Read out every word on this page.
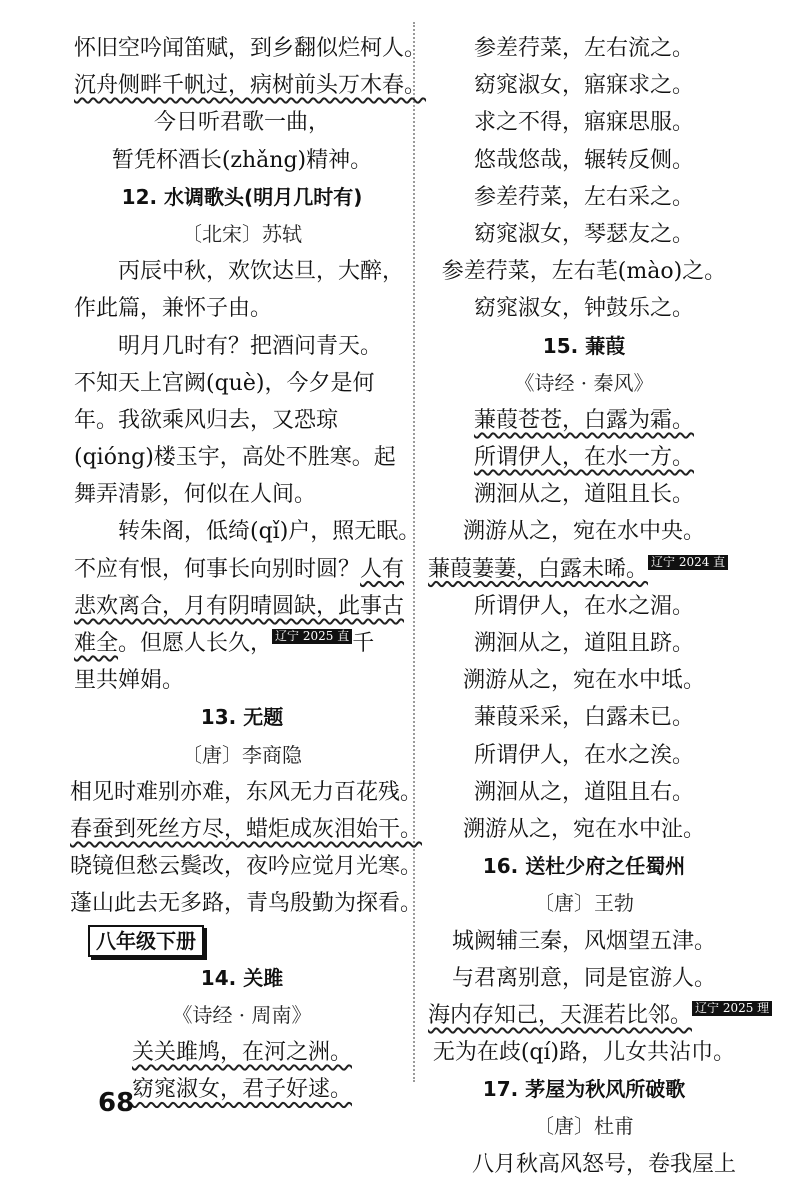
怀旧空吟闻笛赋，到乡翻似烂柯人。
沉舟侧畔千帆过，病树前头万木春。
今日听君歌一曲，
暂凭杯酒长(zhǎng)精神。
12. 水调歌头(明月几时有)
〔北宋〕苏轼
丙辰中秋，欢饮达旦，大醉，
作此篇，兼怀子由。
明月几时有？把酒问青天。
不知天上宫阙(què)，今夕是何
年。我欲乘风归去，又恐琼
(qióng)楼玉宇，高处不胜寒。起
舞弄清影，何似在人间。
转朱阁，低绮(qǐ)户，照无眠。
不应有恨，何事长向别时圆？人有
悲欢离合，月有阴晴圆缺，此事古
难全。但愿人长久， 辽宁 2025 直 千
里共婵娟。
13. 无题
〔唐〕李商隐
相见时难别亦难，东风无力百花残。
春蚕到死丝方尽，蜡炬成灰泪始干。
晓镜但愁云鬓改，夜吟应觉月光寒。
蓬山此去无多路，青鸟殷勤为探看。
八年级下册
14. 关雎
《诗经 · 周南》
关关雎鸠，在河之洲。
窈窕淑女，君子好逑。
参差荇菜，左右流之。
窈窕淑女，寤寐求之。
求之不得，寤寐思服。
悠哉悠哉，辗转反侧。
参差荇菜，左右采之。
窈窕淑女，琴瑟友之。
参差荇菜，左右芼(mào)之。
窈窕淑女，钟鼓乐之。
15. 蒹葭
《诗经 · 秦风》
蒹葭苍苍，白露为霜。
所谓伊人，在水一方。
溯洄从之，道阻且长。
溯游从之，宛在水中央。
蒹葭萋萋，白露未晞。 辽宁 2024 直
所谓伊人，在水之湄。
溯洄从之，道阻且跻。
溯游从之，宛在水中坻。
蒹葭采采，白露未已。
所谓伊人，在水之涘。
溯洄从之，道阻且右。
溯游从之，宛在水中沚。
16. 送杜少府之任蜀州
〔唐〕王勃
城阙辅三秦，风烟望五津。
与君离别意，同是宦游人。
海内存知己，天涯若比邻。 辽宁 2025 理
无为在歧(qí)路，儿女共沾巾。
17. 茅屋为秋风所破歌
〔唐〕杜甫
八月秋高风怒号，卷我屋上
68
